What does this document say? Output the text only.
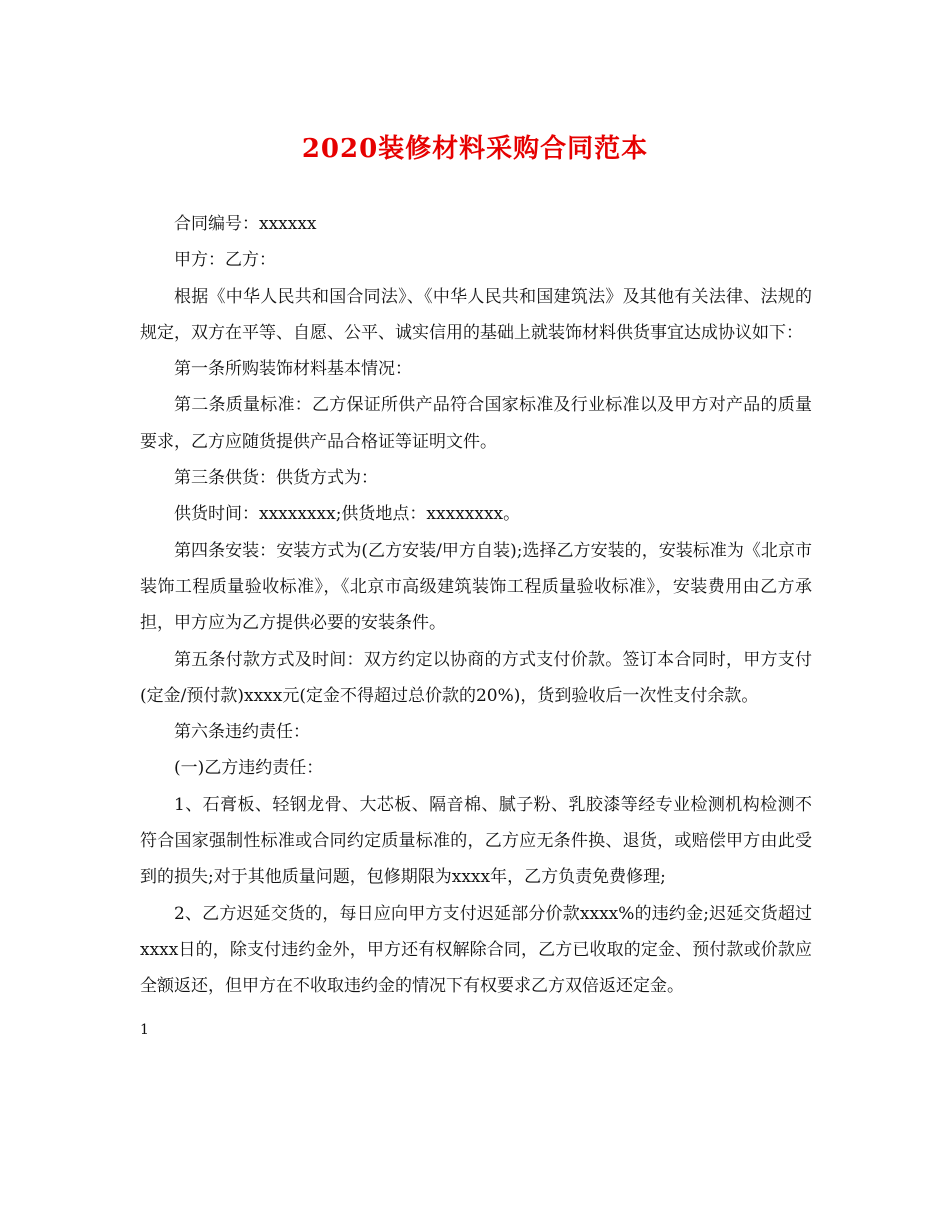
2020装修材料采购合同范本

合同编号：xxxxxx

甲方：乙方：

根据《中华人民共和国合同法》、《中华人民共和国建筑法》及其他有关法律、法规的规定，双方在平等、自愿、公平、诚实信用的基础上就装饰材料供货事宜达成协议如下：

第一条所购装饰材料基本情况：

第二条质量标准：乙方保证所供产品符合国家标准及行业标准以及甲方对产品的质量要求，乙方应随货提供产品合格证等证明文件。

第三条供货：供货方式为：

供货时间：xxxxxxxx;供货地点：xxxxxxxx。

第四条安装：安装方式为(乙方安装/甲方自装);选择乙方安装的，安装标准为《北京市装饰工程质量验收标准》，《北京市高级建筑装饰工程质量验收标准》，安装费用由乙方承担，甲方应为乙方提供必要的安装条件。

第五条付款方式及时间：双方约定以协商的方式支付价款。签订本合同时，甲方支付(定金/预付款)xxxx元(定金不得超过总价款的20%)，货到验收后一次性支付余款。

第六条违约责任：

(一)乙方违约责任：

1、石膏板、轻钢龙骨、大芯板、隔音棉、腻子粉、乳胶漆等经专业检测机构检测不符合国家强制性标准或合同约定质量标准的，乙方应无条件换、退货，或赔偿甲方由此受到的损失;对于其他质量问题，包修期限为xxxx年，乙方负责免费修理;

2、乙方迟延交货的，每日应向甲方支付迟延部分价款xxxx%的违约金;迟延交货超过xxxx日的，除支付违约金外，甲方还有权解除合同，乙方已收取的定金、预付款或价款应全额返还，但甲方在不收取违约金的情况下有权要求乙方双倍返还定金。

1
